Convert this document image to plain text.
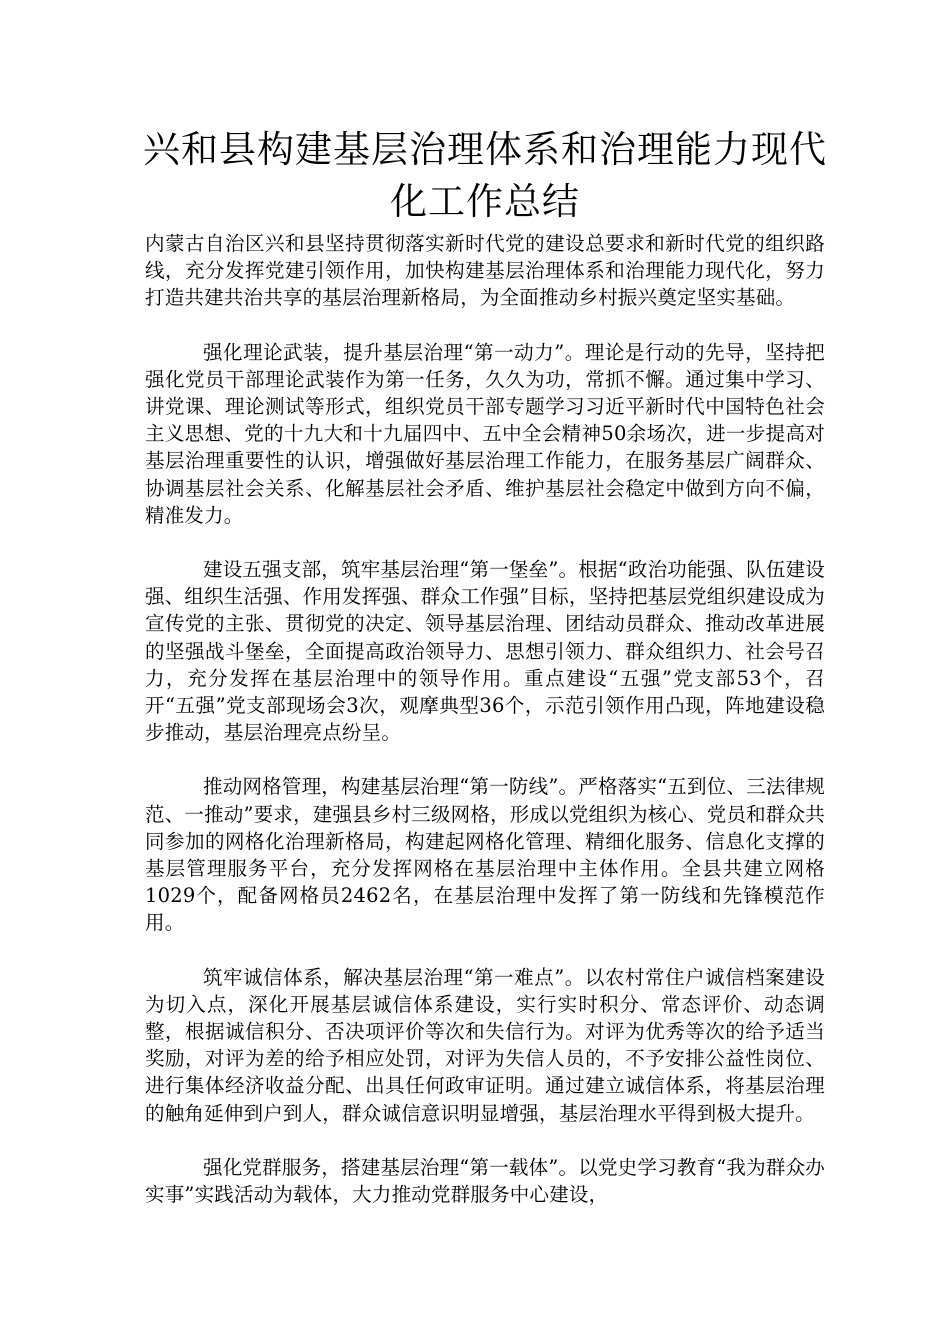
兴和县构建基层治理体系和治理能力现代化工作总结

内蒙古自治区兴和县坚持贯彻落实新时代党的建设总要求和新时代党的组织路线，充分发挥党建引领作用，加快构建基层治理体系和治理能力现代化，努力打造共建共治共享的基层治理新格局，为全面推动乡村振兴奠定坚实基础。

强化理论武装，提升基层治理“第一动力”。理论是行动的先导，坚持把强化党员干部理论武装作为第一任务，久久为功，常抓不懈。通过集中学习、讲党课、理论测试等形式，组织党员干部专题学习习近平新时代中国特色社会主义思想、党的十九大和十九届四中、五中全会精神50余场次，进一步提高对基层治理重要性的认识，增强做好基层治理工作能力，在服务基层广阔群众、协调基层社会关系、化解基层社会矛盾、维护基层社会稳定中做到方向不偏，精准发力。

建设五强支部，筑牢基层治理“第一堡垒”。根据“政治功能强、队伍建设强、组织生活强、作用发挥强、群众工作强”目标，坚持把基层党组织建设成为宣传党的主张、贯彻党的决定、领导基层治理、团结动员群众、推动改革进展的坚强战斗堡垒，全面提高政治领导力、思想引领力、群众组织力、社会号召力，充分发挥在基层治理中的领导作用。重点建设“五强”党支部53个，召开“五强”党支部现场会3次，观摩典型36个，示范引领作用凸现，阵地建设稳步推动，基层治理亮点纷呈。

推动网格管理，构建基层治理“第一防线”。严格落实“五到位、三法律规范、一推动”要求，建强县乡村三级网格，形成以党组织为核心、党员和群众共同参加的网格化治理新格局，构建起网格化管理、精细化服务、信息化支撑的基层管理服务平台，充分发挥网格在基层治理中主体作用。全县共建立网格1029个，配备网格员2462名，在基层治理中发挥了第一防线和先锋模范作用。

筑牢诚信体系，解决基层治理“第一难点”。以农村常住户诚信档案建设为切入点，深化开展基层诚信体系建设，实行实时积分、常态评价、动态调整，根据诚信积分、否决项评价等次和失信行为。对评为优秀等次的给予适当奖励，对评为差的给予相应处罚，对评为失信人员的，不予安排公益性岗位、进行集体经济收益分配、出具任何政审证明。通过建立诚信体系，将基层治理的触角延伸到户到人，群众诚信意识明显增强，基层治理水平得到极大提升。

强化党群服务，搭建基层治理“第一载体”。以党史学习教育“我为群众办实事”实践活动为载体，大力推动党群服务中心建设，
